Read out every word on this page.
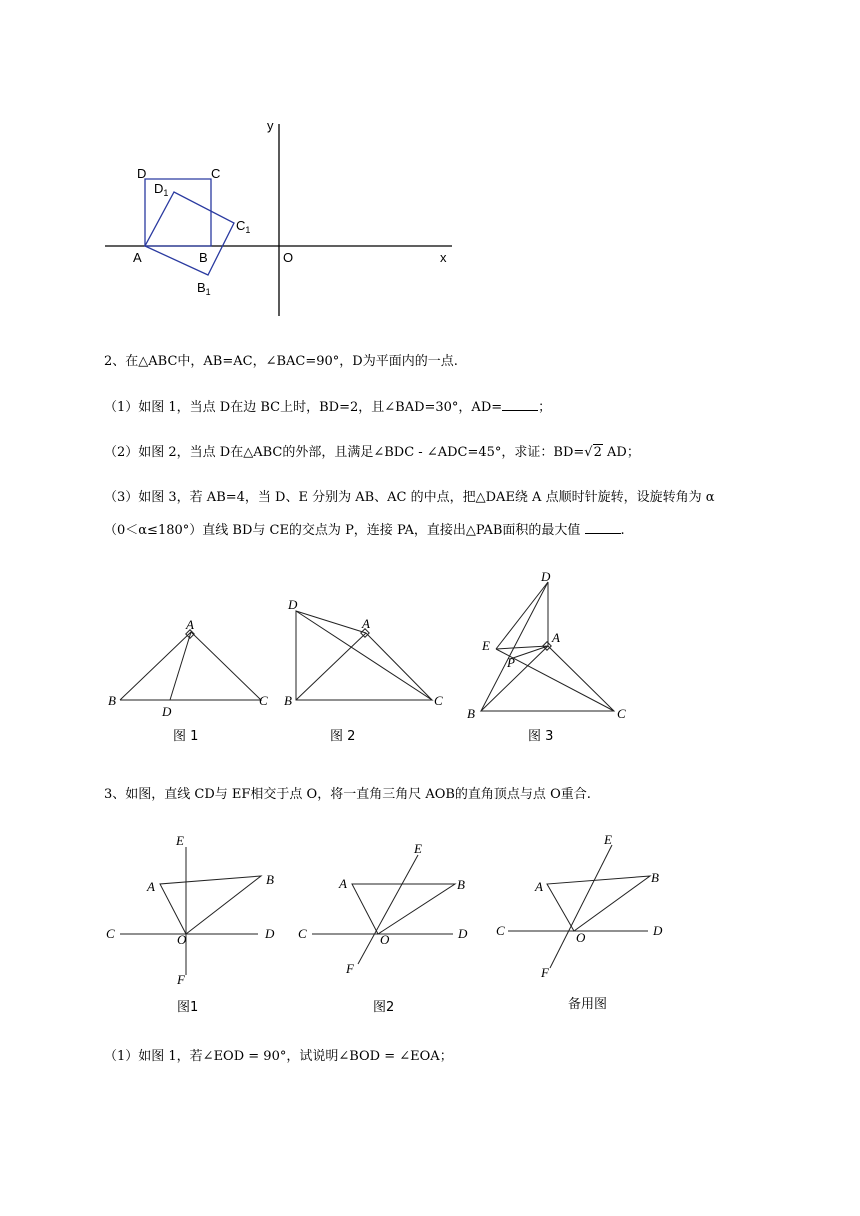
y
x
O
A	B
C
D
$D_1$
$C_1$
$B_1$
2、在△ABC中，AB=AC，∠BAC=90°，D为平面内的一点.
（1）如图 1，当点 D在边 BC上时，BD=2，且∠BAD=30°，AD=	；
（2）如图 2，当点 D在△ABC的外部，且满足∠BDC - ∠ADC=45°，求证：BD=√2 AD；
（3）如图 3，若 AB=4，当 D、E 分别为 AB、AC 的中点，把△DAE绕 A 点顺时针旋转，设旋转角为 α
（0＜α≤180°）直线 BD与 CE的交点为 P，连接 PA，直接出△PAB面积的最大值	.
A
B	C
D
图 1
D
A
B	C
图 2
D
E
A
P
B	C
图 3
3、如图，直线 CD与 EF相交于点 O，将一直角三角尺 AOB的直角顶点与点 O重合.
E
A	B
C	O	D
F
图1
E
A	B
C	O	D
F
图2
E
A
B
C	O	D
F
备用图
（1）如图 1，若∠EOD = 90°，试说明∠BOD = ∠EOA；
